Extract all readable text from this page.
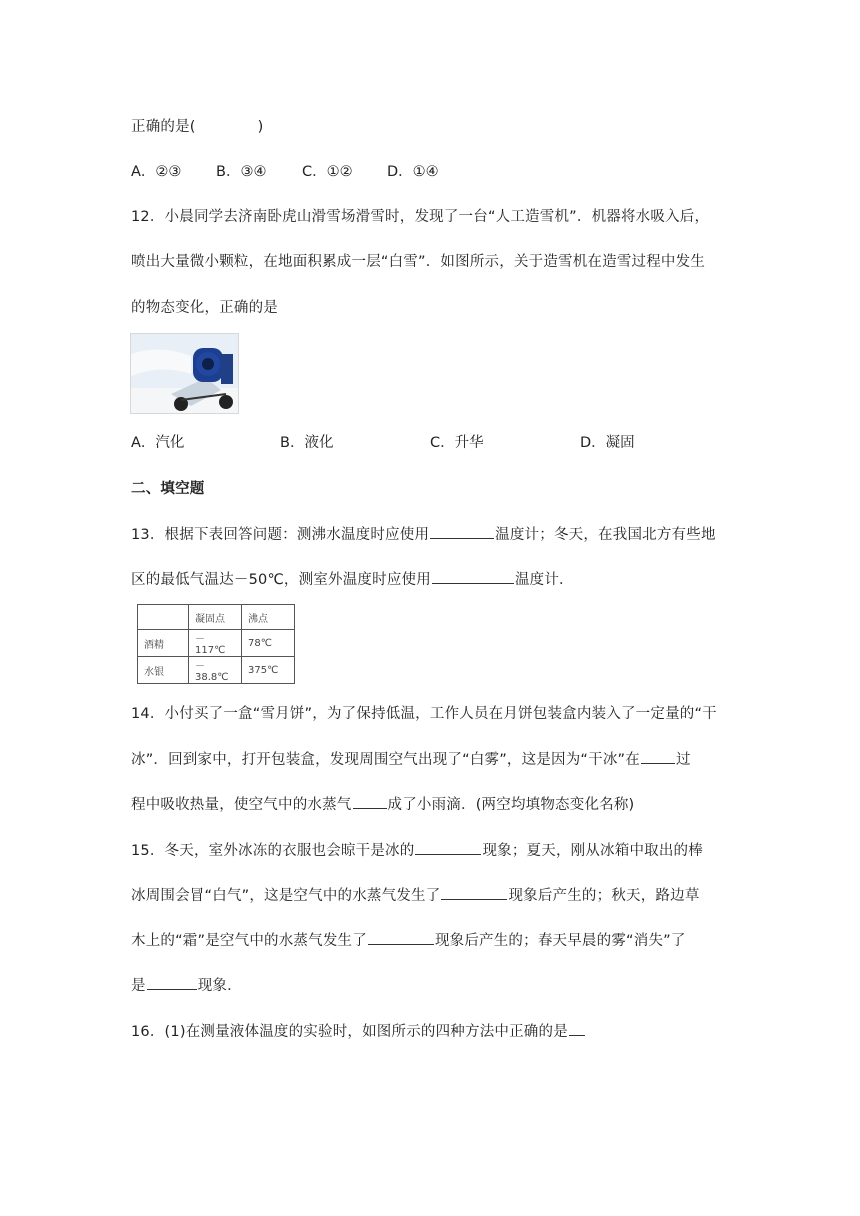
正确的是(	)
A．②③ B．③④ C．①② D．①④
12．小晨同学去济南卧虎山滑雪场滑雪时，发现了一台“人工造雪机”．机器将水吸入后，
喷出大量微小颗粒，在地面积累成一层“白雪”．如图所示，关于造雪机在造雪过程中发生
的物态变化，正确的是
A．汽化	B．液化	C．升华	D．凝固
二、填空题
13．根据下表回答问题：测沸水温度时应使用	温度计；冬天，在我国北方有些地
区的最低气温达－50℃，测室外温度时应使用	温度计．
	凝固点	沸点
酒精	－117℃	78℃
水银	－38.8℃	375℃
14．小付买了一盒“雪月饼”，为了保持低温，工作人员在月饼包装盒内装入了一定量的“干
冰”．回到家中，打开包装盒，发现周围空气出现了“白雾”，这是因为“干冰”在 过
程中吸收热量，使空气中的水蒸气 成了小雨滴．(两空均填物态变化名称)
15．冬天，室外冰冻的衣服也会晾干是冰的	现象；夏天，刚从冰箱中取出的棒
冰周围会冒“白气”，这是空气中的水蒸气发生了	现象后产生的；秋天，路边草
木上的“霜”是空气中的水蒸气发生了	现象后产生的；春天早晨的雾“消失”了
是	现象．
16．(1)在测量液体温度的实验时，如图所示的四种方法中正确的是
